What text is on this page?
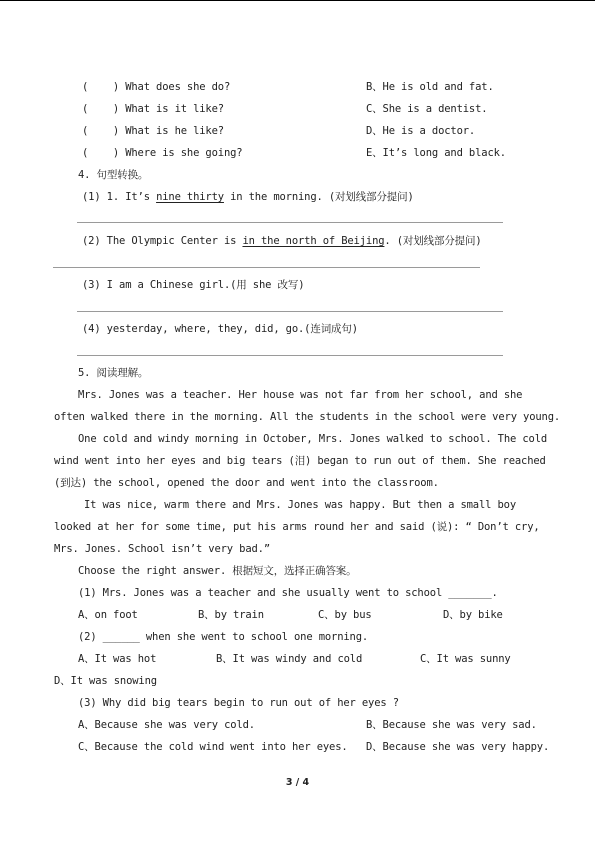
(    ) What does she do?	B、He is old and fat.
(    ) What is it like?	C、She is a dentist.
(    ) What is he like?	D、He is a doctor.
(    ) Where is she going?	E、It’s long and black.
4. 句型转换。
(1) 1. It’s nine thirty in the morning. (对划线部分提问)
(2) The Olympic Center is in the north of Beijing. (对划线部分提问)
(3) I am a Chinese girl.(用 she 改写)
(4) yesterday, where, they, did, go.(连词成句)
5. 阅读理解。
Mrs. Jones was a teacher. Her house was not far from her school, and she
often walked there in the morning. All the students in the school were very young.
One cold and windy morning in October, Mrs. Jones walked to school. The cold
wind went into her eyes and big tears (泪) began to run out of them. She reached
(到达) the school, opened the door and went into the classroom.
It was nice, warm there and Mrs. Jones was happy. But then a small boy
looked at her for some time, put his arms round her and said (说): “ Don’t cry,
Mrs. Jones. School isn’t very bad.”
Choose the right answer. 根据短文，选择正确答案。
(1) Mrs. Jones was a teacher and she usually went to school _______.
A、on foot	B、by train	C、by bus	D、by bike
(2) ______ when she went to school one morning.
A、It was hot	B、It was windy and cold	C、It was sunny
D、It was snowing
(3) Why did big tears begin to run out of her eyes ?
A、Because she was very cold.	B、Because she was very sad.
C、Because the cold wind went into her eyes. D、Because she was very happy.
3 / 4
